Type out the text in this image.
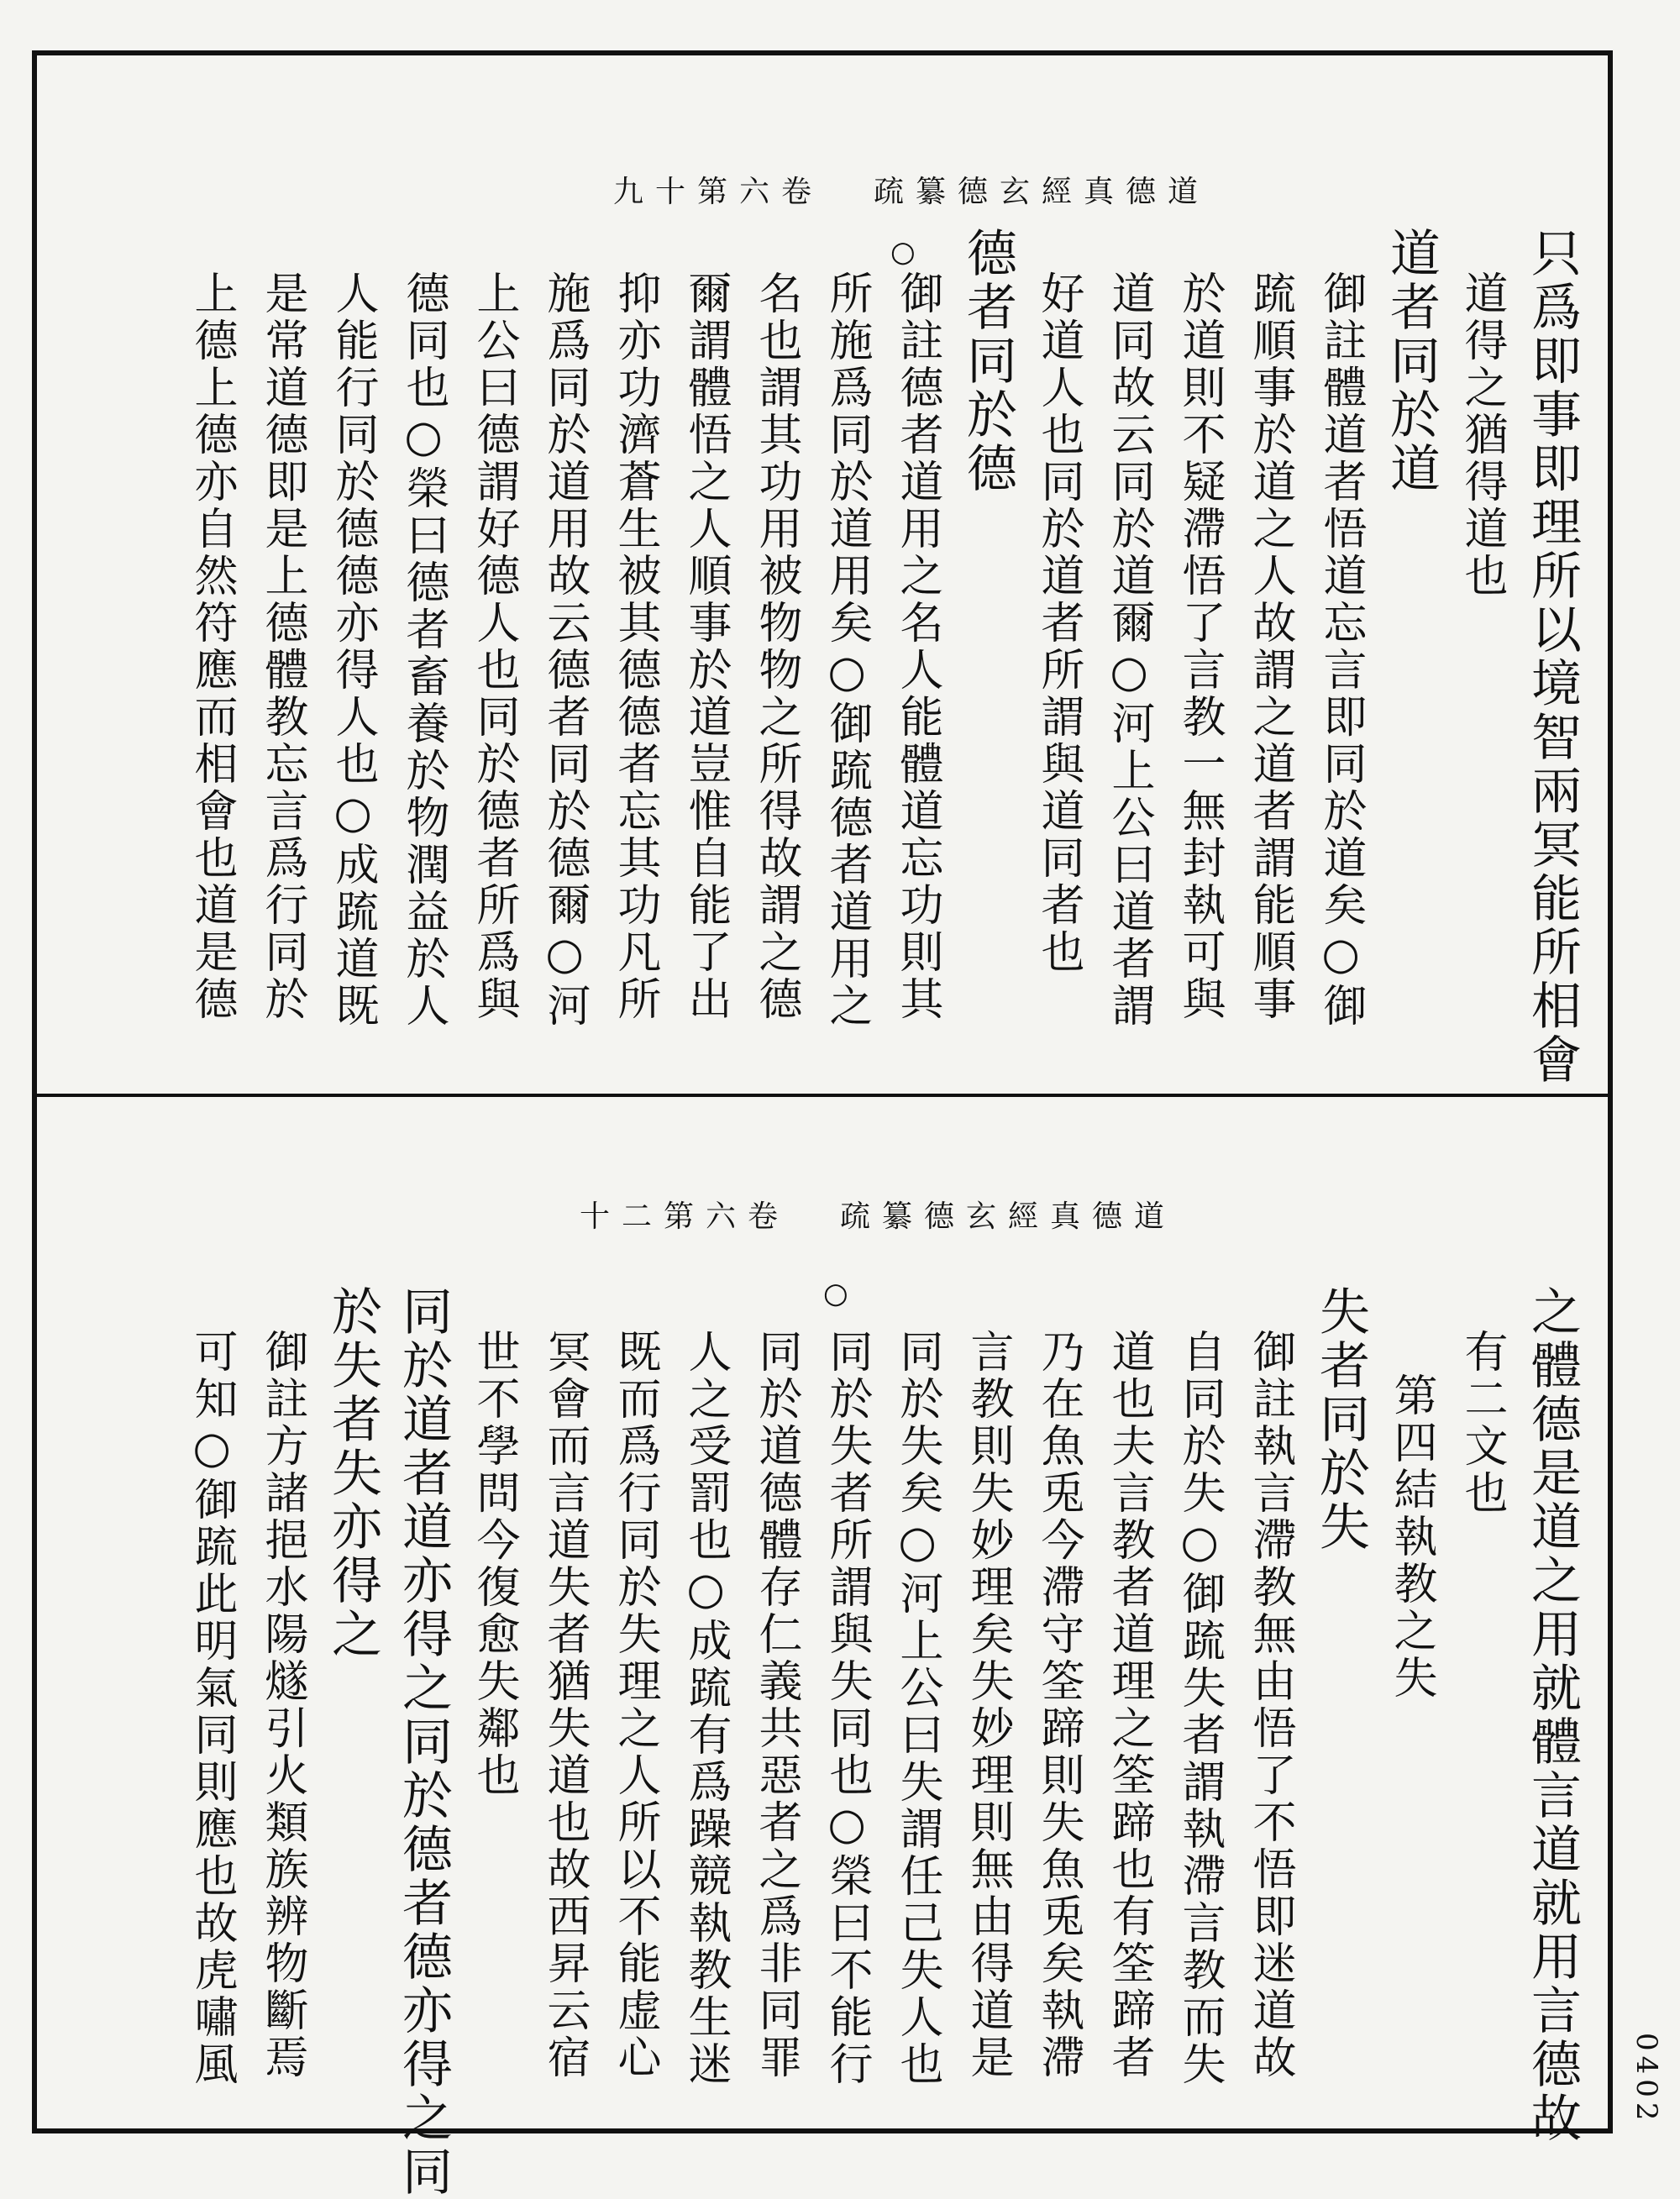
0402
道德真經玄德纂疏卷六第十九
○	只爲即事即理所以境智兩冥能所相會
道得之猶得道也
道者同於道
御註體道者悟道忘言即同於道矣○御
䟽順事於道之人故謂之道者謂能順事
於道則不疑滯悟了言教一無封執可與
道同故云同於道爾○河上公曰道者謂
好道人也同於道者所謂與道同者也
德者同於德
御註德者道用之名人能體道忘功則其
所施爲同於道用矣○御䟽德者道用之
名也謂其功用被物物之所得故謂之德
爾謂體悟之人順事於道豈惟自能了出
抑亦功濟蒼生被其德德者忘其功凡所
施爲同於道用故云德者同於德爾○河
上公曰德謂好德人也同於德者所爲與
德同也○榮曰德者畜養於物潤益於人
人能行同於德德亦得人也○成䟽道既
是常道德即是上德體教忘言爲行同於
上德上德亦自然符應而相會也道是德
道德真經玄德纂疏卷六第二十
○	之體德是道之用就體言道就用言德故
有二文也
第四結執教之失
失者同於失
御註執言滯教無由悟了不悟即迷道故
自同於失○御䟽失者謂執滯言教而失
道也夫言教者道理之筌蹄也有筌蹄者
乃在魚兎今滯守筌蹄則失魚兎矣執滯
言教則失妙理矣失妙理則無由得道是
同於失矣○河上公曰失謂任己失人也
同於失者所謂與失同也○榮曰不能行
同於道德體存仁義共惡者之爲非同罪
人之受罰也○成䟽有爲躁競執教生迷
既而爲行同於失理之人所以不能虚心
冥會而言道失者猶失道也故西昇云宿
世不學問今復愈失鄰也
同於道者道亦得之同於德者德亦得之同
於失者失亦得之
御註方諸挹水陽燧引火類族辨物斷焉
可知○御䟽此明氣同則應也故虎嘯風
